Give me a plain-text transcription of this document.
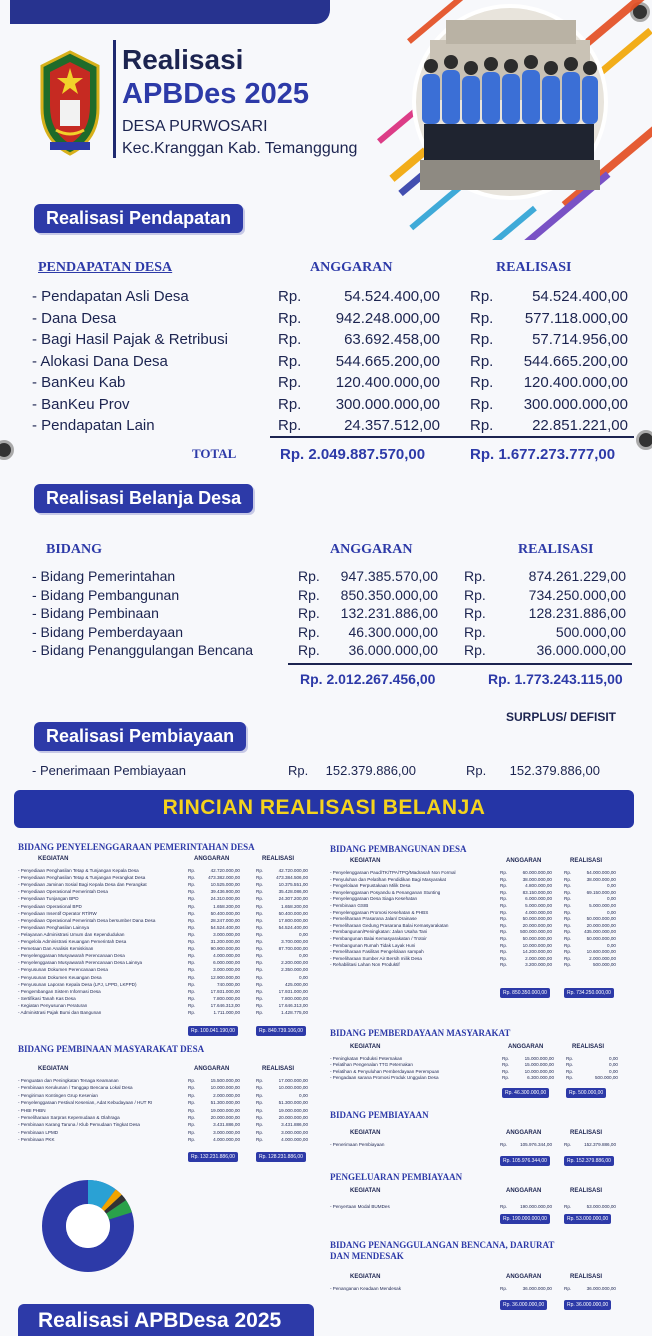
Realisasi
APBDes 2025
DESA PURWOSARI
Kec.Kranggan Kab. Temanggung
Realisasi Pendapatan
PENDAPATAN DESA	ANGGARAN	REALISASI
- Pendapatan Asli Desa	Rp.	54.524.400,00 Rp.	54.524.400,00
- Dana Desa	Rp.	942.248.000,00 Rp.	577.118.000,00
- Bagi Hasil Pajak & Retribusi	Rp.	63.692.458,00 Rp.	57.714.956,00
- Alokasi Dana Desa	Rp.	544.665.200,00 Rp.	544.665.200,00
- BanKeu Kab	Rp.	120.400.000,00 Rp.	120.400.000,00
- BanKeu Prov	Rp.	300.000.000,00 Rp.	300.000.000,00
- Pendapatan Lain	Rp.	24.357.512,00 Rp.	22.851.221,00
TOTAL	Rp. 2.049.887.570,00	Rp. 1.677.273.777,00
Realisasi Belanja Desa
BIDANG	ANGGARAN	REALISASI
- Bidang Pemerintahan	Rp.	947.385.570,00 Rp.	874.261.229,00
- Bidang Pembangunan	Rp.	850.350.000,00 Rp.	734.250.000,00
- Bidang Pembinaan	Rp.	132.231.886,00 Rp.	128.231.886,00
- Bidang Pemberdayaan	Rp.	46.300.000,00 Rp.	500.000,00
- Bidang Penanggulangan Bencana	Rp.	36.000.000,00 Rp.	36.000.000,00
Rp. 2.012.267.456,00	Rp. 1.773.243.115,00
SURPLUS/ DEFISIT
Realisasi Pembiayaan
- Penerimaan Pembiayaan	Rp.	152.379.886,00	Rp.	152.379.886,00
RINCIAN REALISASI BELANJA
BIDANG PENYELENGGARAAN PEMERINTAHAN DESA
KEGIATAN	ANGGARAN	REALISASI
- Penyediaan Penghasilan Tetap & Tunjangan Kepala Desa	Rp.	42.720.000,00	Rp.	42.720.000,00
- Penyediaan Penghasilan Tetap & Tunjangan Perangkat Desa	Rp.	473.382.000,00	Rp.	473.384.506,00
- Penyediaan Jaminan Sosial Bagi Kepala Desa dan Perangkat	Rp.	10.525.000,00	Rp.	10.375.551,00
- Penyediaan Operasional Pemerintah Desa	Rp.	39.436.900,00	Rp.	35.428.086,00
- Penyediaan Tunjangan BPD	Rp.	24.310.000,00	Rp.	24.307.200,00
- Penyediaan Operasional BPD	Rp.	1.658.200,00	Rp.	1.658.200,00
- Penyediaan Insentif Operator RT/RW	Rp.	50.400.000,00	Rp.	50.400.000,00
- Penyediaan Operasional Pemerintah Desa bersumber Dana Desa	Rp.	28.247.000,00	Rp.	17.800.000,00
- Penyediaan Penghasilan Lainnya	Rp.	54.524.400,00	Rp.	54.524.400,00
- Pelayanan Administrasi Umum dan Kependudukan	Rp.	3.000.000,00	Rp.	0,00
- Pengelola Administrasi Keuangan Pemerintah Desa	Rp.	31.200.000,00	Rp.	3.700.000,00
- Pemetaan Dan Analisis Kemiskinan	Rp.	90.900.000,00	Rp.	87.700.000,00
- Penyelenggaraan Musyawarah Perencanaan Desa	Rp.	4.000.000,00	Rp.	0,00
- Penyelenggaraan Musyawarah Perencanaan Desa Lainnya	Rp.	6.000.000,00	Rp.	2.200.000,00
- Penyusunan Dokumen Perencanaan Desa	Rp.	3.000.000,00	Rp.	2.350.000,00
- Penyusunan Dokumen Keuangan Desa	Rp.	12.900.000,00	Rp.	0,00
- Penyusunan Laporan Kepala Desa (LPJ, LPPD, LKPPD)	Rp.	740.000,00	Rp.	425.000,00
- Pengembangan Sistem Informasi Desa	Rp.	17.931.000,00	Rp.	17.931.000,00
- Sertifikasi Tanah Kas Desa	Rp.	7.800.000,00	Rp.	7.800.000,00
- Kegiatan Penyusunan Peraturan	Rp.	17.646.313,00	Rp.	17.646.313,00
- Administrasi Pajak Bumi dan Bangunan	Rp.	1.711.000,00	Rp.	1.428.775,00
Rp. 100.041.190,00	Rp. 840.739.106,00
BIDANG PEMBANGUNAN DESA
KEGIATAN	ANGGARAN	REALISASI
- Penyelenggaraan Paud/TK/TPA/TPQ/Madrasah Non Formal	Rp.	60.000.000,00	Rp.	54.000.000,00
- Penyuluhan dan Pelatihan Pendidikan Bagi Masyarakat	Rp.	38.000.000,00	Rp.	38.000.000,00
- Pengelolaan Perpustakaan Milik Desa	Rp.	4.800.000,00	Rp.	0,00
- Penyelenggaraan Posyandu & Penanganan Stunting	Rp.	83.150.000,00	Rp.	69.150.000,00
- Penyelenggaraan Desa Siaga Kesehatan	Rp.	6.000.000,00	Rp.	0,00
- Pembinaan GSIB	Rp.	5.000.000,00	Rp.	5.000.000,00
- Penyelenggaraan Promosi Kesehatan & PHBS	Rp.	4.000.000,00	Rp.	0,00
- Pemeliharaan Prasarana Jalan/ Drainase	Rp.	50.000.000,00	Rp.	50.000.000,00
- Pemeliharaan Gedung Prasarana Balai Kemasyarakatan	Rp.	20.000.000,00	Rp.	20.000.000,00
- Pembangunan/Peningkatan: Jalan Usaha Tani	Rp.	500.000.000,00	Rp.	435.000.000,00
- Pembangunan Balai Kemasyarakatan / Trotoir	Rp.	50.000.000,00	Rp.	50.000.000,00
- Pembangunan Rumah Tidak Layak Huni	Rp.	10.000.000,00	Rp.	0,00
- Pemeliharaan Fasilitas Pengelolaan sampah	Rp.	14.200.000,00	Rp.	10.600.000,00
- Pemeliharaan Sumber Air Bersih milik Desa	Rp.	2.000.000,00	Rp.	2.000.000,00
- Rehabilitasi Lahan Non Produktif	Rp.	3.200.000,00	Rp.	500.000,00
Rp. 850.350.000,00	Rp. 734.250.000,00
BIDANG PEMBERDAYAAN MASYARAKAT
KEGIATAN	ANGGARAN	REALISASI
- Peningkatan Produksi Peternakan	Rp.	15.000.000,00	Rp.	0,00
- Pelatihan Pengenalan TTG Peternakan	Rp.	15.000.000,00	Rp.	0,00
- Pelatihan & Penyuluhan Pemberdayaan Perempuan	Rp.	10.000.000,00	Rp.	0,00
- Pengadaan sarana Promosi Produk Unggulan Desa	Rp.	6.300.000,00	Rp.	500.000,00
Rp. 46.300.000,00	Rp. 500.000,00
BIDANG PEMBINAAN MASYARAKAT DESA
KEGIATAN	ANGGARAN	REALISASI
- Penguatan dan Peningkatan Tenaga Keamanan	Rp.	15.500.000,00	Rp.	17.000.000,00
- Pembinaan Kerukunan / Tanggap Bencana Lokal Desa	Rp.	10.000.000,00	Rp.	10.000.000,00
- Pengiriman Kontingen Grup Kesenian	Rp.	2.000.000,00	Rp.	0,00
- Penyelenggaraan Festival Kesenian, Adat Kebudayaan / HUT RI	Rp.	51.300.000,00	Rp.	51.300.000,00
- PHBI PHBN	Rp.	19.000.000,00	Rp.	19.000.000,00
- Pemeliharaan Sarpras Kepemudaan & Olahraga	Rp.	20.000.000,00	Rp.	20.000.000,00
- Pembinaan Karang Taruna / Klub Pemudaan Tingkat Desa	Rp.	3.431.886,00	Rp.	3.431.886,00
- Pembinaan LPMD	Rp.	3.000.000,00	Rp.	3.000.000,00
- Pembinaan PKK	Rp.	4.000.000,00	Rp.	4.000.000,00
Rp. 132.231.886,00	Rp. 128.231.886,00
BIDANG PEMBIAYAAN
KEGIATAN	ANGGARAN	REALISASI
- Penerimaan Pembiayaan	Rp.	105.976.344,00	Rp.	152.379.886,00
Rp. 105.976.344,00	Rp. 152.379.886,00
PENGELUARAN PEMBIAYAAN
KEGIATAN	ANGGARAN	REALISASI
- Penyertaan Modal BUMDes	Rp.	190.000.000,00	Rp.	53.000.000,00
Rp. 190.000.000,00	Rp. 53.000.000,00
BIDANG PENANGGULANGAN BENCANA, DARURAT
DAN MENDESAK
KEGIATAN	ANGGARAN	REALISASI
- Penanganan Keadaan Mendesak	Rp.	36.000.000,00	Rp.	36.000.000,00
Rp. 36.000.000,00	Rp. 36.000.000,00
Realisasi APBDesa 2025
